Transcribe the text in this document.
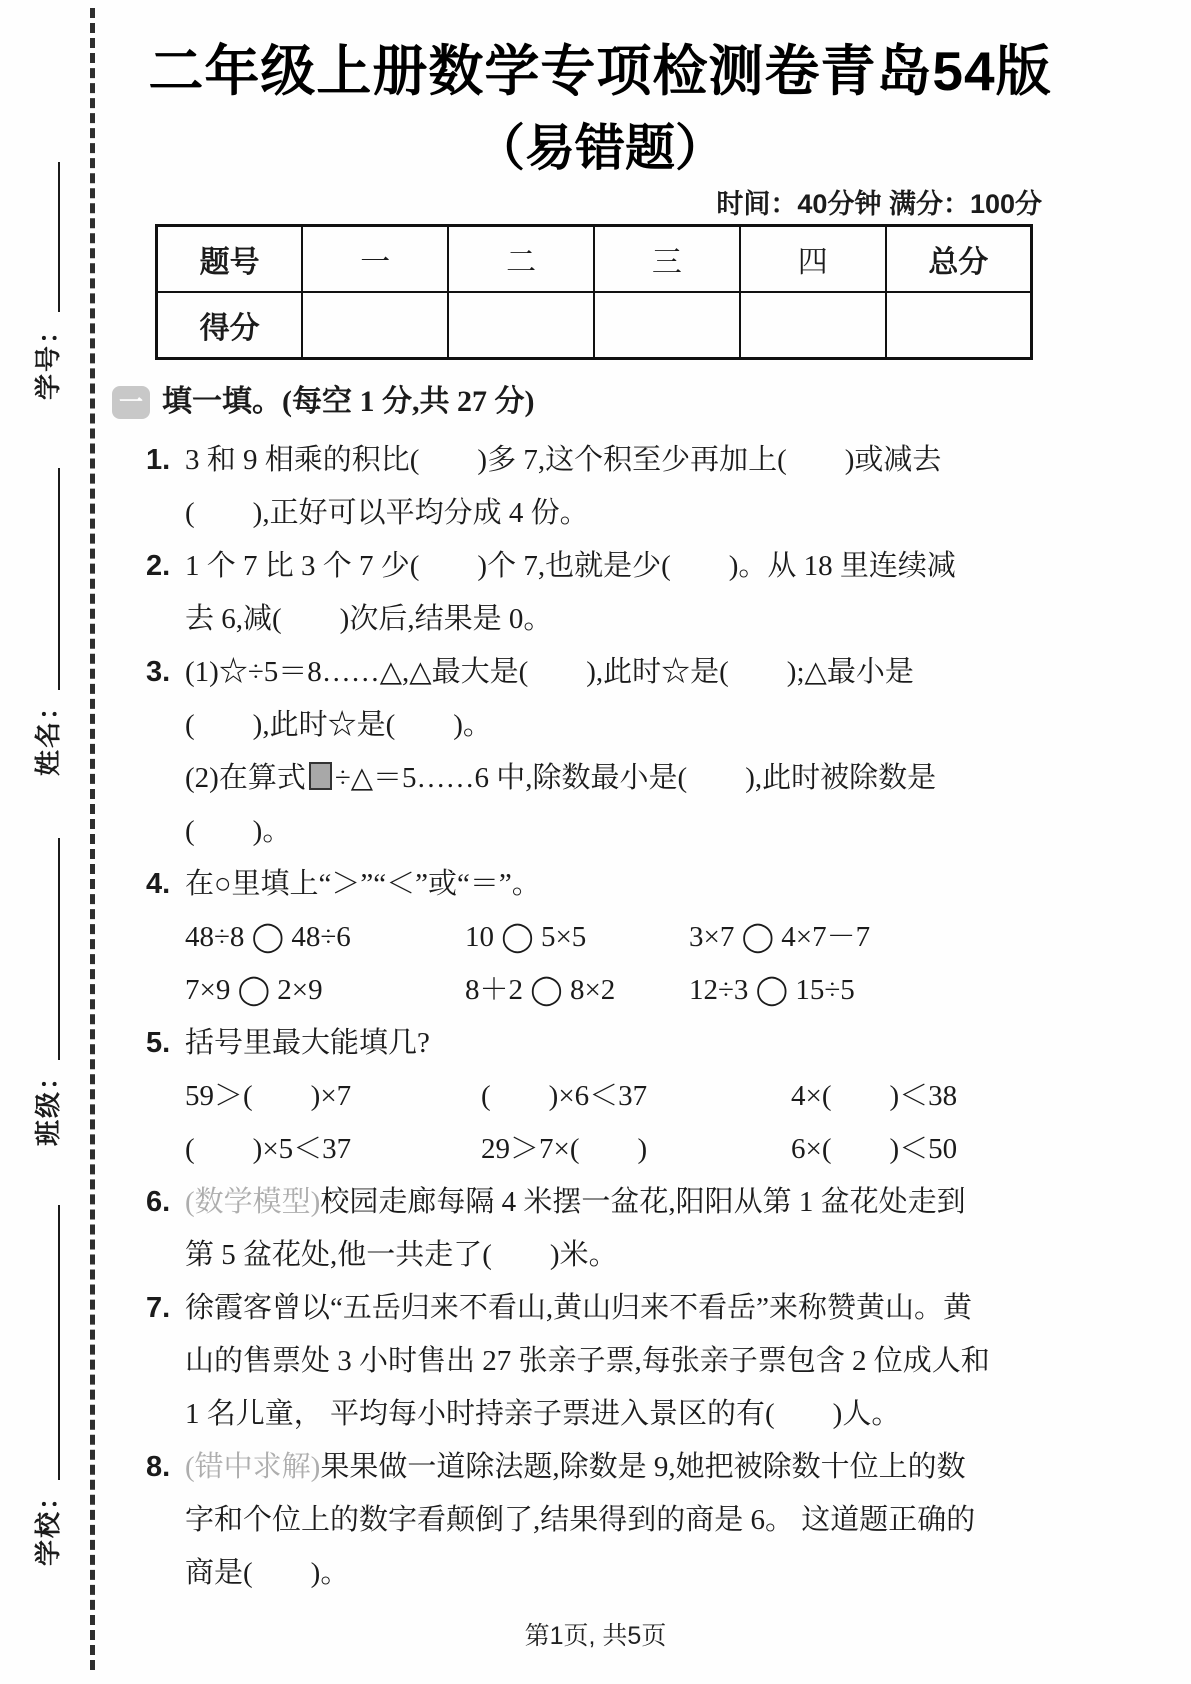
学号：
姓名：
班级：
学校：
二年级上册数学专项检测卷青岛54版
（易错题）
时间：40分钟 满分：100分
题号	一	二	三	四	总分
得分					
一 填一填。(每空 1 分,共 27 分)
1. 3 和 9 相乘的积比(　　)多 7,这个积至少再加上(　　)或减去
(　　),正好可以平均分成 4 份。
2. 1 个 7 比 3 个 7 少(　　)个 7,也就是少(　　)。从 18 里连续减
去 6,减(　　)次后,结果是 0。
3. (1)☆÷5＝8……△,△最大是(　　),此时☆是(　　);△最小是
(　　),此时☆是(　　)。
(2)在算式 ÷△＝5……6 中,除数最小是(　　),此时被除数是
(　　)。
4. 在○里填上“＞”“＜”或“＝”。
48÷8 ◯ 48÷6	10 ◯ 5×5	3×7 ◯ 4×7－7
7×9 ◯ 2×9	8＋2 ◯ 8×2	12÷3 ◯ 15÷5
5. 括号里最大能填几?
59＞(　　)×7	(　　)×6＜37	4×(　　)＜38
(　　)×5＜37	29＞7×(　　)	6×(　　)＜50
6. (数学模型)校园走廊每隔 4 米摆一盆花,阳阳从第 1 盆花处走到
第 5 盆花处,他一共走了(　　)米。
7. 徐霞客曾以“五岳归来不看山,黄山归来不看岳”来称赞黄山。黄
山的售票处 3 小时售出 27 张亲子票,每张亲子票包含 2 位成人和
1 名儿童， 平均每小时持亲子票进入景区的有(　　)人。
8. (错中求解)果果做一道除法题,除数是 9,她把被除数十位上的数
字和个位上的数字看颠倒了,结果得到的商是 6。 这道题正确的
商是(　　)。
第1页, 共5页
